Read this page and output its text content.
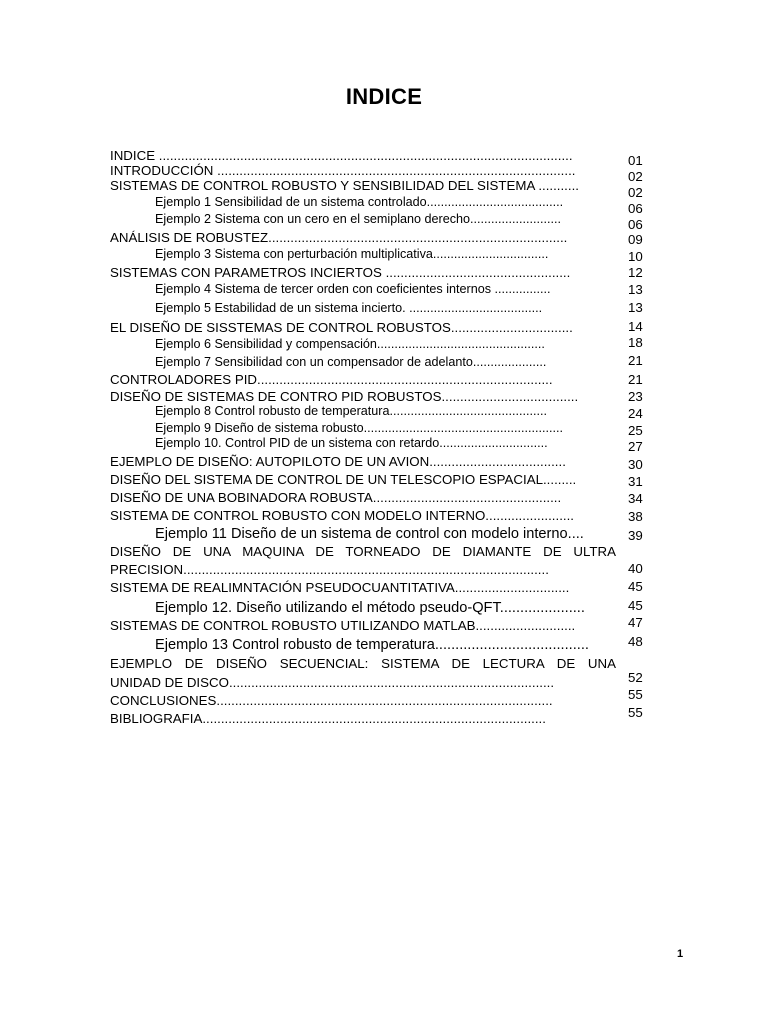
INDICE
INDICE ................................................................................................................
INTRODUCCIÓN .................................................................................................
SISTEMAS DE CONTROL ROBUSTO Y SENSIBILIDAD DEL SISTEMA ...........
Ejemplo 1 Sensibilidad de un sistema controlado.......................................
Ejemplo 2 Sistema con un cero en el semiplano derecho..........................
ANÁLISIS DE ROBUSTEZ.................................................................................
Ejemplo 3 Sistema con perturbación multiplicativa.................................
SISTEMAS CON PARAMETROS INCIERTOS ..................................................
Ejemplo 4 Sistema de tercer orden con coeficientes internos ................
Ejemplo 5 Estabilidad de un sistema incierto. ......................................
EL DISEÑO DE SISSTEMAS DE CONTROL ROBUSTOS.................................
Ejemplo 6 Sensibilidad y compensación................................................
Ejemplo 7 Sensibilidad con un compensador de adelanto.....................
CONTROLADORES PID................................................................................
DISEÑO DE SISTEMAS DE CONTRO PID ROBUSTOS.....................................
Ejemplo 8 Control robusto de temperatura.............................................
Ejemplo 9 Diseño de sistema robusto.........................................................
Ejemplo 10. Control PID de un sistema con retardo...............................
EJEMPLO DE DISEÑO: AUTOPILOTO DE UN AVION.....................................
DISEÑO DEL SISTEMA DE CONTROL DE UN TELESCOPIO ESPACIAL.........
DISEÑO DE UNA BOBINADORA ROBUSTA...................................................
SISTEMA DE CONTROL ROBUSTO CON MODELO INTERNO........................
Ejemplo 11 Diseño de un sistema de control con modelo interno....
DISEÑO DE UNA MAQUINA DE TORNEADO DE DIAMANTE DE ULTRA
PRECISION...................................................................................................
SISTEMA DE REALIMNTACIÓN PSEUDOCUANTITATIVA...............................
Ejemplo 12. Diseño utilizando el método pseudo-QFT.....................
SISTEMAS DE CONTROL ROBUSTO UTILIZANDO MATLAB...........................
Ejemplo 13 Control robusto de temperatura......................................
EJEMPLO DE DISEÑO SECUENCIAL: SISTEMA DE LECTURA DE UNA
UNIDAD DE DISCO........................................................................................
CONCLUSIONES...........................................................................................
BIBLIOGRAFIA.............................................................................................
01
02
02
06
06
09
10
12
13
13
14
18
21
21
23
24
25
27
30
31
34
38
39
40
45
45
47
48
52
55
55
1
